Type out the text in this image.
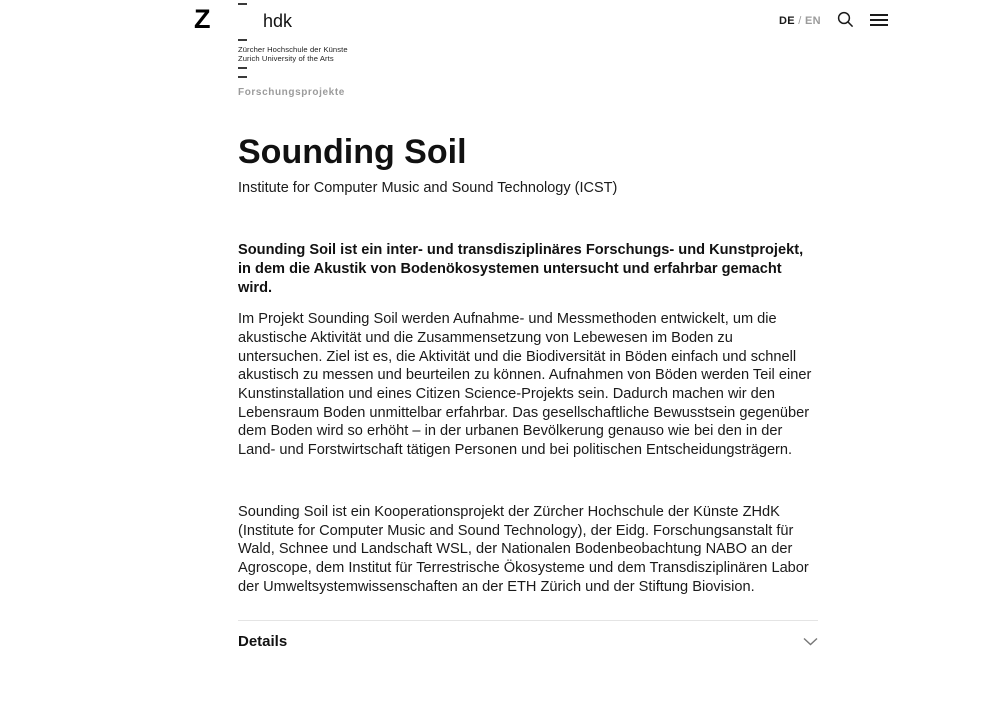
Z	hdk
Zürcher Hochschule der Künste
Zurich University of the Arts
DE / EN
Forschungsprojekte
Sounding Soil
Institute for Computer Music and Sound Technology (ICST)

Sounding Soil ist ein inter- und transdisziplinäres Forschungs- und Kunstprojekt, in dem die Akustik von Bodenökosystemen untersucht und erfahrbar gemacht wird.

Im Projekt Sounding Soil werden Aufnahme- und Messmethoden entwickelt, um die akustische Aktivität und die Zusammensetzung von Lebewesen im Boden zu untersuchen. Ziel ist es, die Aktivität und die Biodiversität in Böden einfach und schnell akustisch zu messen und beurteilen zu können. Aufnahmen von Böden werden Teil einer Kunstinstallation und eines Citizen Science-Projekts sein. Dadurch machen wir den Lebensraum Boden unmittelbar erfahrbar. Das gesellschaftliche Bewusstsein gegenüber dem Boden wird so erhöht – in der urbanen Bevölkerung genauso wie bei den in der Land- und Forstwirtschaft tätigen Personen und bei politischen Entscheidungsträgern.

Sounding Soil ist ein Kooperationsprojekt der Zürcher Hochschule der Künste ZHdK (Institute for Computer Music and Sound Technology), der Eidg. Forschungsanstalt für Wald, Schnee und Landschaft WSL, der Nationalen Bodenbeobachtung NABO an der Agroscope, dem Institut für Terrestrische Ökosysteme und dem Transdisziplinären Labor der Umweltsystemwissenschaften an der ETH Zürich und der Stiftung Biovision.

Details
